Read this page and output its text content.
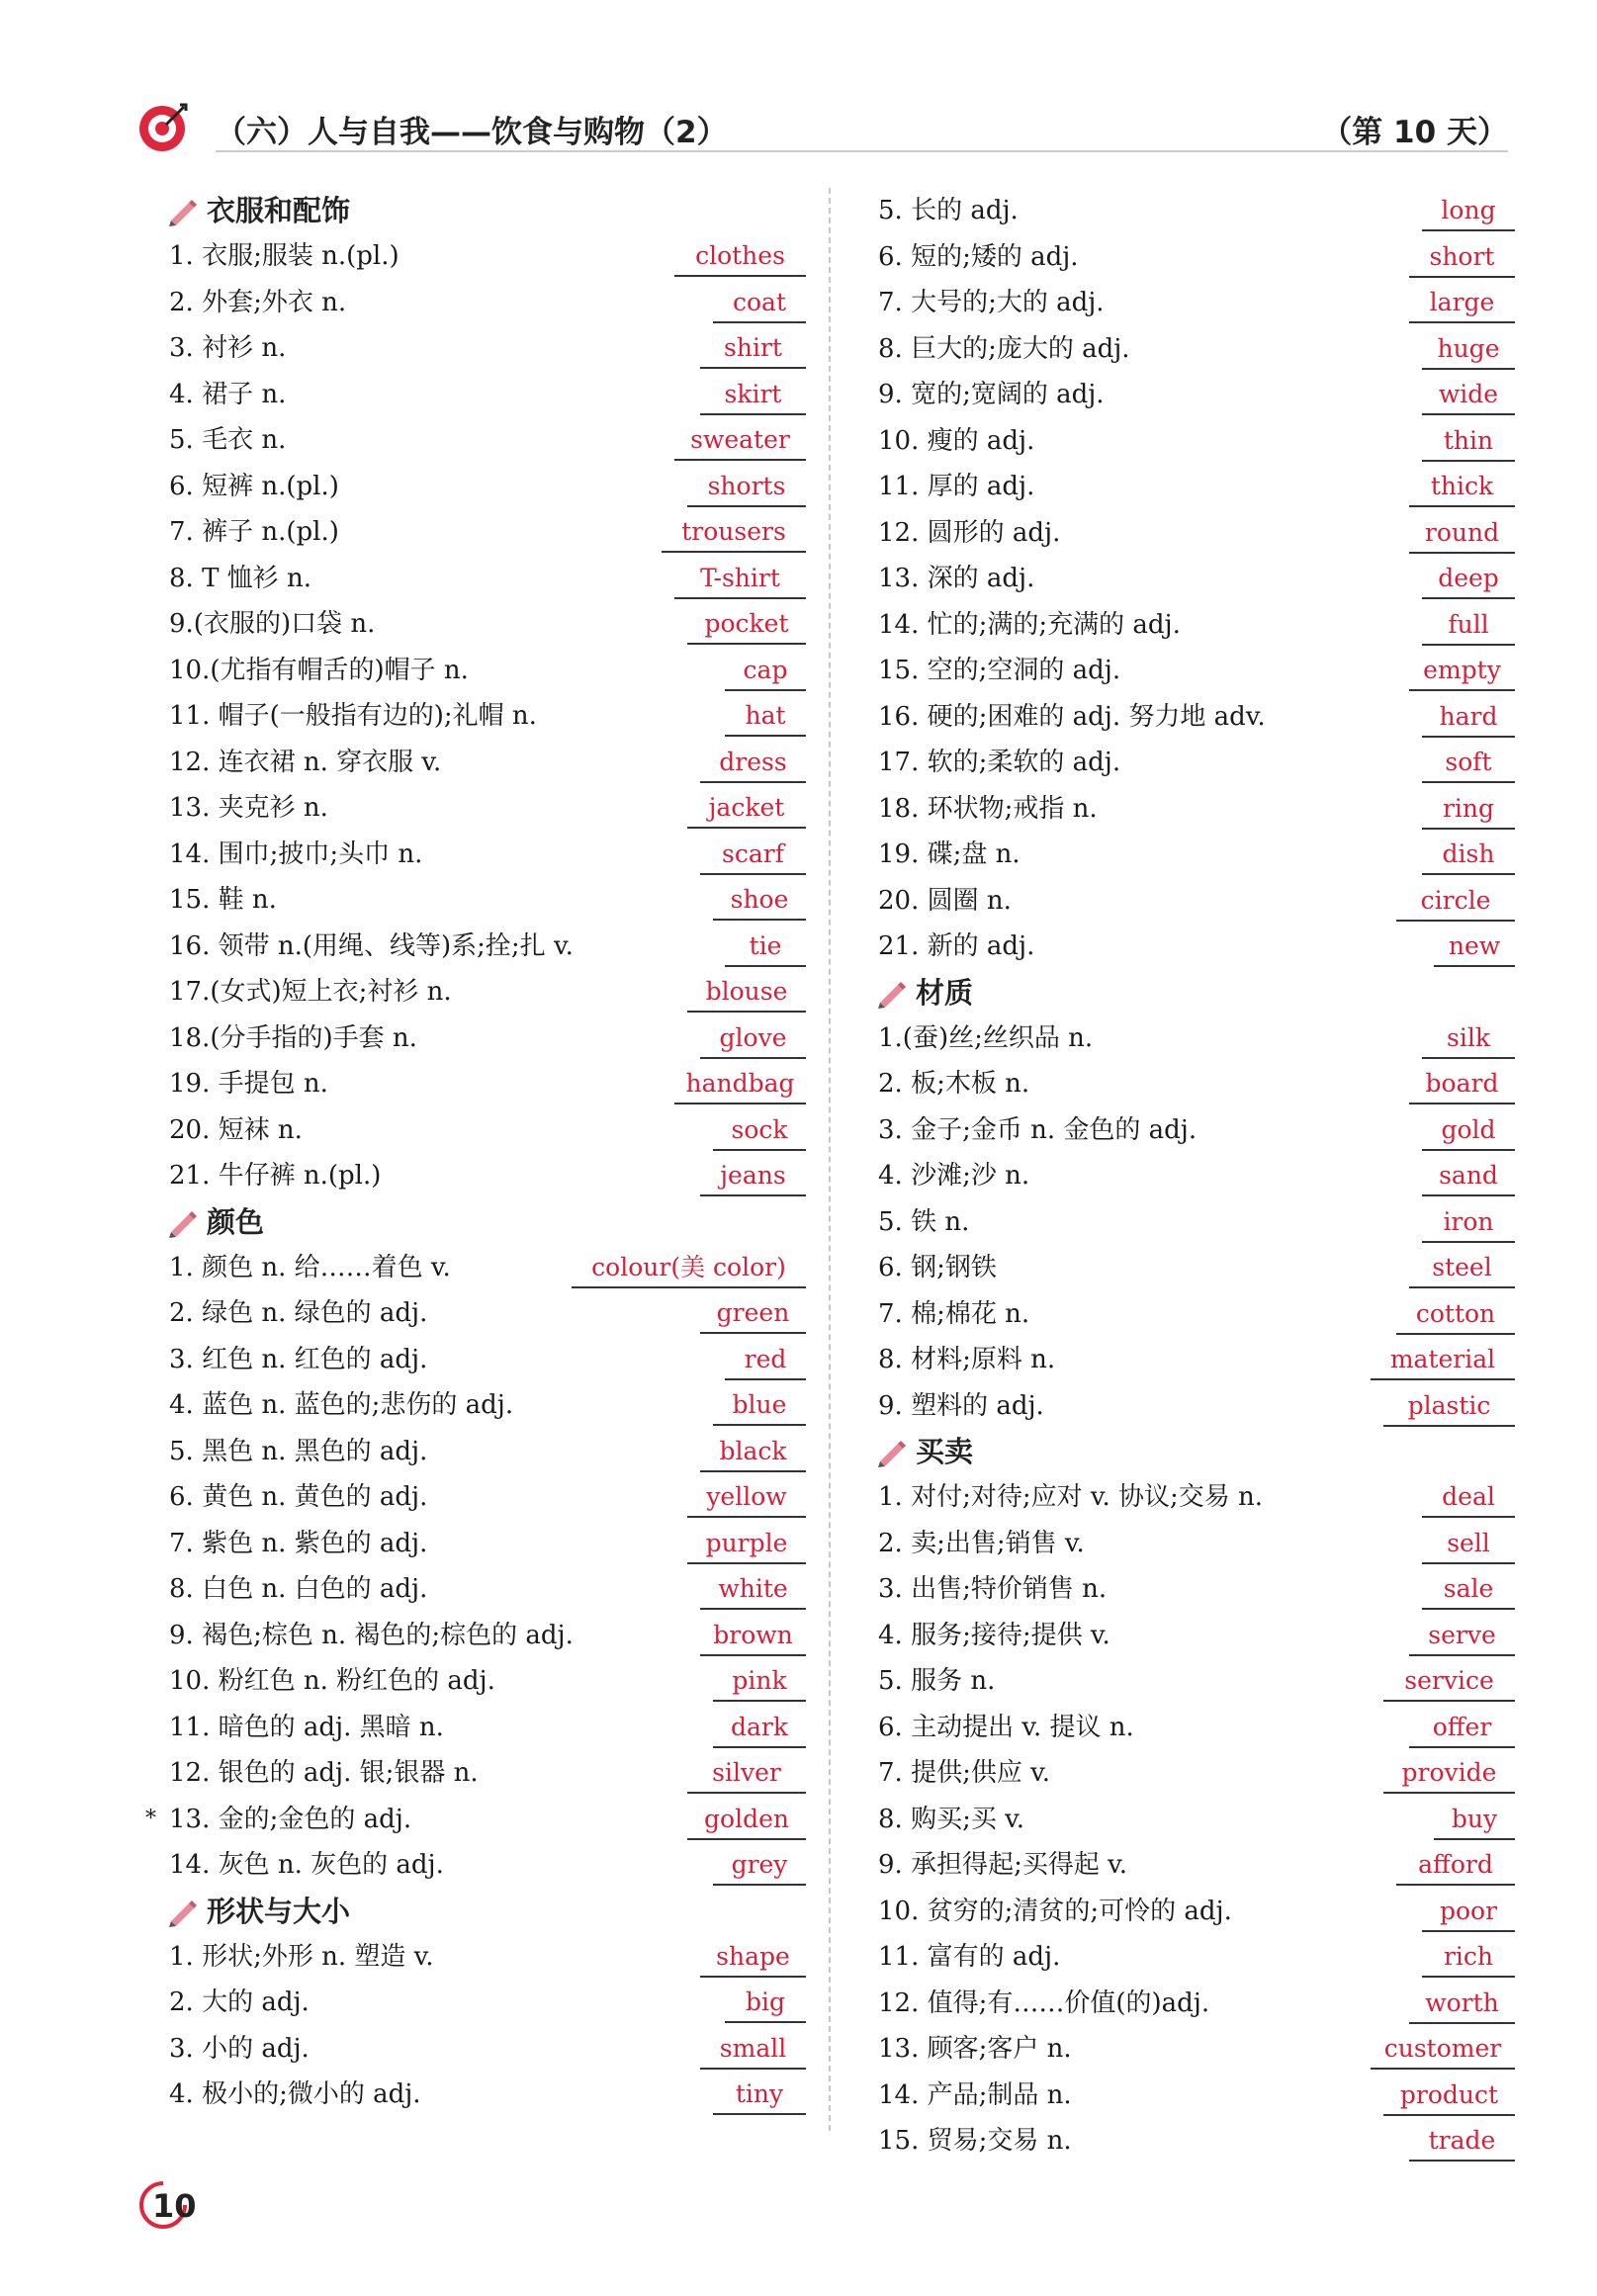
（六）人与自我——饮食与购物（2）	（第 10 天）
衣服和配饰
1. 衣服;服装 n.(pl.)	clothes
2. 外套;外衣 n.	coat
3. 衬衫 n.	shirt
4. 裙子 n.	skirt
5. 毛衣 n.	sweater
6. 短裤 n.(pl.)	shorts
7. 裤子 n.(pl.)	trousers
8. T 恤衫 n.	T-shirt
9.(衣服的)口袋 n.	pocket
10.(尤指有帽舌的)帽子 n.	cap
11. 帽子(一般指有边的);礼帽 n.	hat
12. 连衣裙 n. 穿衣服 v.	dress
13. 夹克衫 n.	jacket
14. 围巾;披巾;头巾 n.	scarf
15. 鞋 n.	shoe
16. 领带 n.(用绳、线等)系;拴;扎 v.	tie
17.(女式)短上衣;衬衫 n.	blouse
18.(分手指的)手套 n.	glove
19. 手提包 n.	handbag
20. 短袜 n.	sock
21. 牛仔裤 n.(pl.)	jeans
颜色
1. 颜色 n. 给……着色 v.	colour(美 color)
2. 绿色 n. 绿色的 adj.	green
3. 红色 n. 红色的 adj.	red
4. 蓝色 n. 蓝色的;悲伤的 adj.	blue
5. 黑色 n. 黑色的 adj.	black
6. 黄色 n. 黄色的 adj.	yellow
7. 紫色 n. 紫色的 adj.	purple
8. 白色 n. 白色的 adj.	white
9. 褐色;棕色 n. 褐色的;棕色的 adj.	brown
10. 粉红色 n. 粉红色的 adj.	pink
11. 暗色的 adj. 黑暗 n.	dark
12. 银色的 adj. 银;银器 n.	silver
* 13. 金的;金色的 adj.	golden
14. 灰色 n. 灰色的 adj.	grey
形状与大小
1. 形状;外形 n. 塑造 v.	shape
2. 大的 adj.	big
3. 小的 adj.	small
4. 极小的;微小的 adj.	tiny
5. 长的 adj.	long
6. 短的;矮的 adj.	short
7. 大号的;大的 adj.	large
8. 巨大的;庞大的 adj.	huge
9. 宽的;宽阔的 adj.	wide
10. 瘦的 adj.	thin
11. 厚的 adj.	thick
12. 圆形的 adj.	round
13. 深的 adj.	deep
14. 忙的;满的;充满的 adj.	full
15. 空的;空洞的 adj.	empty
16. 硬的;困难的 adj. 努力地 adv.	hard
17. 软的;柔软的 adj.	soft
18. 环状物;戒指 n.	ring
19. 碟;盘 n.	dish
20. 圆圈 n.	circle
21. 新的 adj.	new
材质
1.(蚕)丝;丝织品 n.	silk
2. 板;木板 n.	board
3. 金子;金币 n. 金色的 adj.	gold
4. 沙滩;沙 n.	sand
5. 铁 n.	iron
6. 钢;钢铁	steel
7. 棉;棉花 n.	cotton
8. 材料;原料 n.	material
9. 塑料的 adj.	plastic
买卖
1. 对付;对待;应对 v. 协议;交易 n.	deal
2. 卖;出售;销售 v.	sell
3. 出售;特价销售 n.	sale
4. 服务;接待;提供 v.	serve
5. 服务 n.	service
6. 主动提出 v. 提议 n.	offer
7. 提供;供应 v.	provide
8. 购买;买 v.	buy
9. 承担得起;买得起 v.	afford
10. 贫穷的;清贫的;可怜的 adj.	poor
11. 富有的 adj.	rich
12. 值得;有……价值(的)adj.	worth
13. 顾客;客户 n.	customer
14. 产品;制品 n.	product
15. 贸易;交易 n.	trade
10
